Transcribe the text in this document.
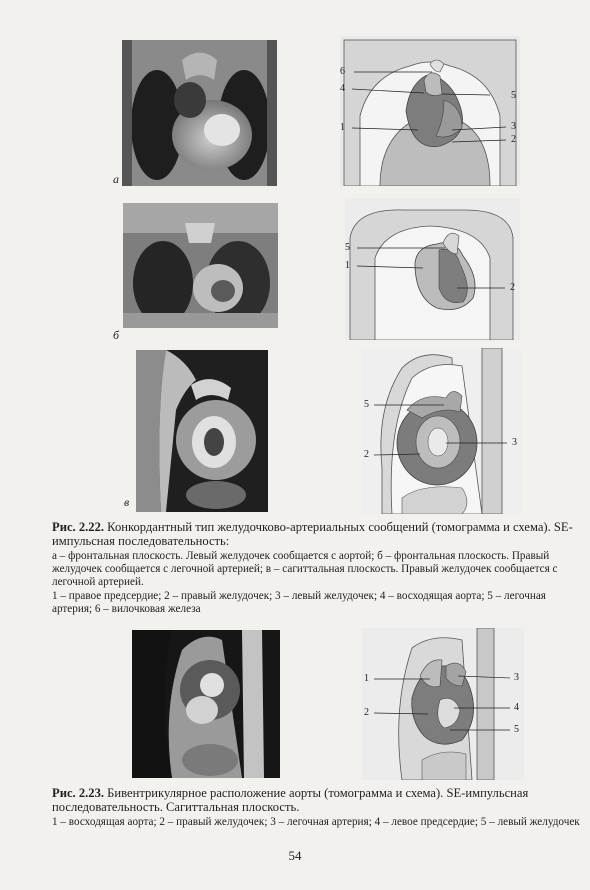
а
6
4
1
5
3
2
б
5
1
2
в
5
2
3

Рис. 2.22. Конкордантный тип желудочково-артериальных сообщений (томограмма и схема). SE-импульсная последовательность:

а – фронтальная плоскость. Левый желудочек сообщается с аортой; б – фронтальная плоскость. Правый желудочек сообщается с легочной артерией; в – сагиттальная плоскость. Правый желудочек сообщается с легочной артерией.

1 – правое предсердие; 2 – правый желудочек; 3 – левый желудочек; 4 – восходящая аорта; 5 – легочная артерия; 6 – вилочковая железа

1	3
2	4
5

Рис. 2.23. Бивентрикулярное расположение аорты (томограмма и схема). SE-импульсная последовательность. Сагиттальная плоскость.

1 – восходящая аорта; 2 – правый желудочек; 3 – легочная артерия; 4 – левое предсердие; 5 – левый желудочек

54
